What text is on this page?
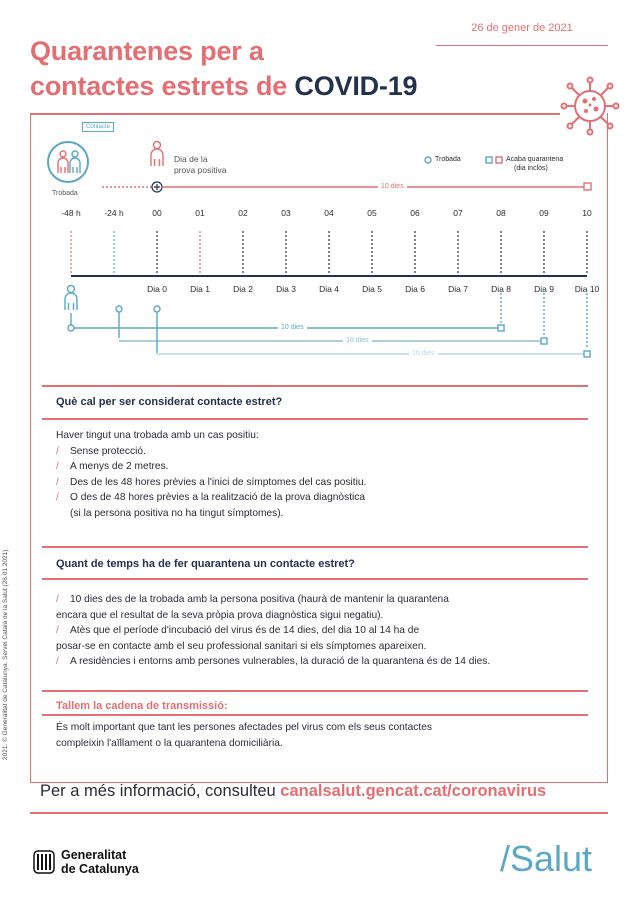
26 de gener de 2021
Quarantenes per a
contactes estrets de COVID-19
Contacte
Trobada
Dia de la
prova positiva
Trobada	Acaba quarantena
(dia inclòs)
10 dies
-48 h	-24 h	00	01	02	03	04	05	06	07	08	09	10
Dia 0	Dia 1	Dia 2	Dia 3	Dia 4	Dia 5	Dia 6	Dia 7	Dia 8	Dia 9	Dia 10
10 dies
10 dies
10 dies
Què cal per ser considerat contacte estret?
Haver tingut una trobada amb un cas positiu:
/ Sense protecció.
/ A menys de 2 metres.
/ Des de les 48 hores prèvies a l'inici de símptomes del cas positiu.
/ O des de 48 hores prèvies a la realització de la prova diagnòstica
(si la persona positiva no ha tingut símptomes).
Quant de temps ha de fer quarantena un contacte estret?
/ 10 dies des de la trobada amb la persona positiva (haurà de mantenir la quarantena
encara que el resultat de la seva pròpia prova diagnòstica sigui negatiu).
/ Atès que el període d'incubació del virus és de 14 dies, del dia 10 al 14 ha de
posar-se en contacte amb el seu professional sanitari si els símptomes apareixen.
/ A residències i entorns amb persones vulnerables, la duració de la quarantena és de 14 dies.
Tallem la cadena de transmissió:
És molt important que tant les persones afectades pel virus com els seus contactes
compleixin l'aïllament o la quarantena domiciliària.
Per a més informació, consulteu canalsalut.gencat.cat/coronavirus
2021. © Generalitat de Catalunya. Servei Català de la Salut (26.01.2021)
Generalitat
de Catalunya	/Salut
